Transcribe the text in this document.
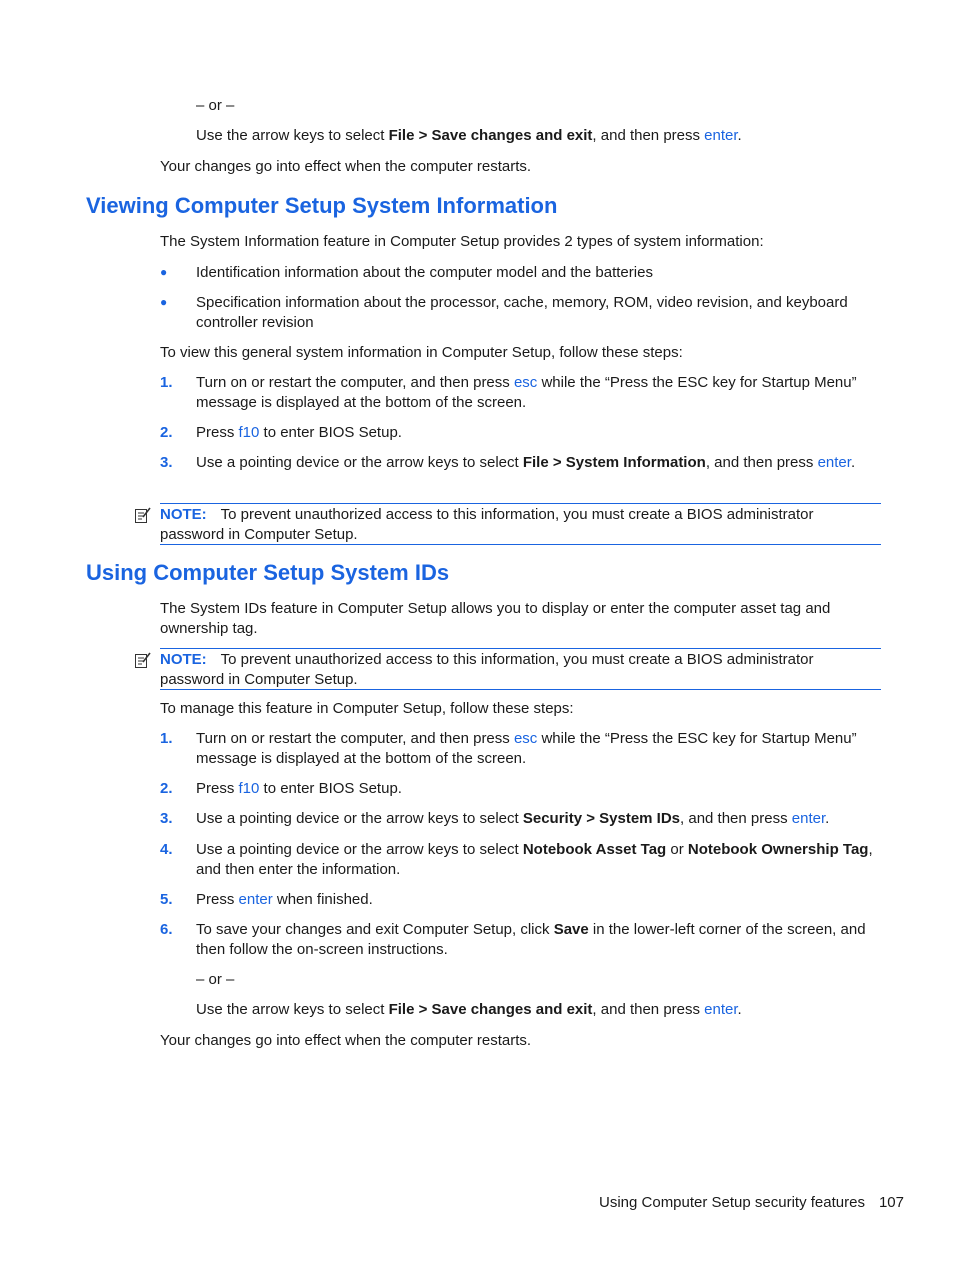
– or –

Use the arrow keys to select File > Save changes and exit, and then press enter.

Your changes go into effect when the computer restarts.

Viewing Computer Setup System Information

The System Information feature in Computer Setup provides 2 types of system information:

● Identification information about the computer model and the batteries

● Specification information about the processor, cache, memory, ROM, video revision, and keyboard controller revision

To view this general system information in Computer Setup, follow these steps:

1. Turn on or restart the computer, and then press esc while the “Press the ESC key for Startup Menu” message is displayed at the bottom of the screen.

2. Press f10 to enter BIOS Setup.

3. Use a pointing device or the arrow keys to select File > System Information, and then press enter.

NOTE: To prevent unauthorized access to this information, you must create a BIOS administrator password in Computer Setup.
Using Computer Setup System IDs

The System IDs feature in Computer Setup allows you to display or enter the computer asset tag and ownership tag.

NOTE: To prevent unauthorized access to this information, you must create a BIOS administrator password in Computer Setup.

To manage this feature in Computer Setup, follow these steps:

1. Turn on or restart the computer, and then press esc while the “Press the ESC key for Startup Menu” message is displayed at the bottom of the screen.

2. Press f10 to enter BIOS Setup.

3. Use a pointing device or the arrow keys to select Security > System IDs, and then press enter.

4. Use a pointing device or the arrow keys to select Notebook Asset Tag or Notebook Ownership Tag, and then enter the information.

5. Press enter when finished.

6. To save your changes and exit Computer Setup, click Save in the lower-left corner of the screen, and then follow the on-screen instructions.

– or –

Use the arrow keys to select File > Save changes and exit, and then press enter.

Your changes go into effect when the computer restarts.

Using Computer Setup security features 107
